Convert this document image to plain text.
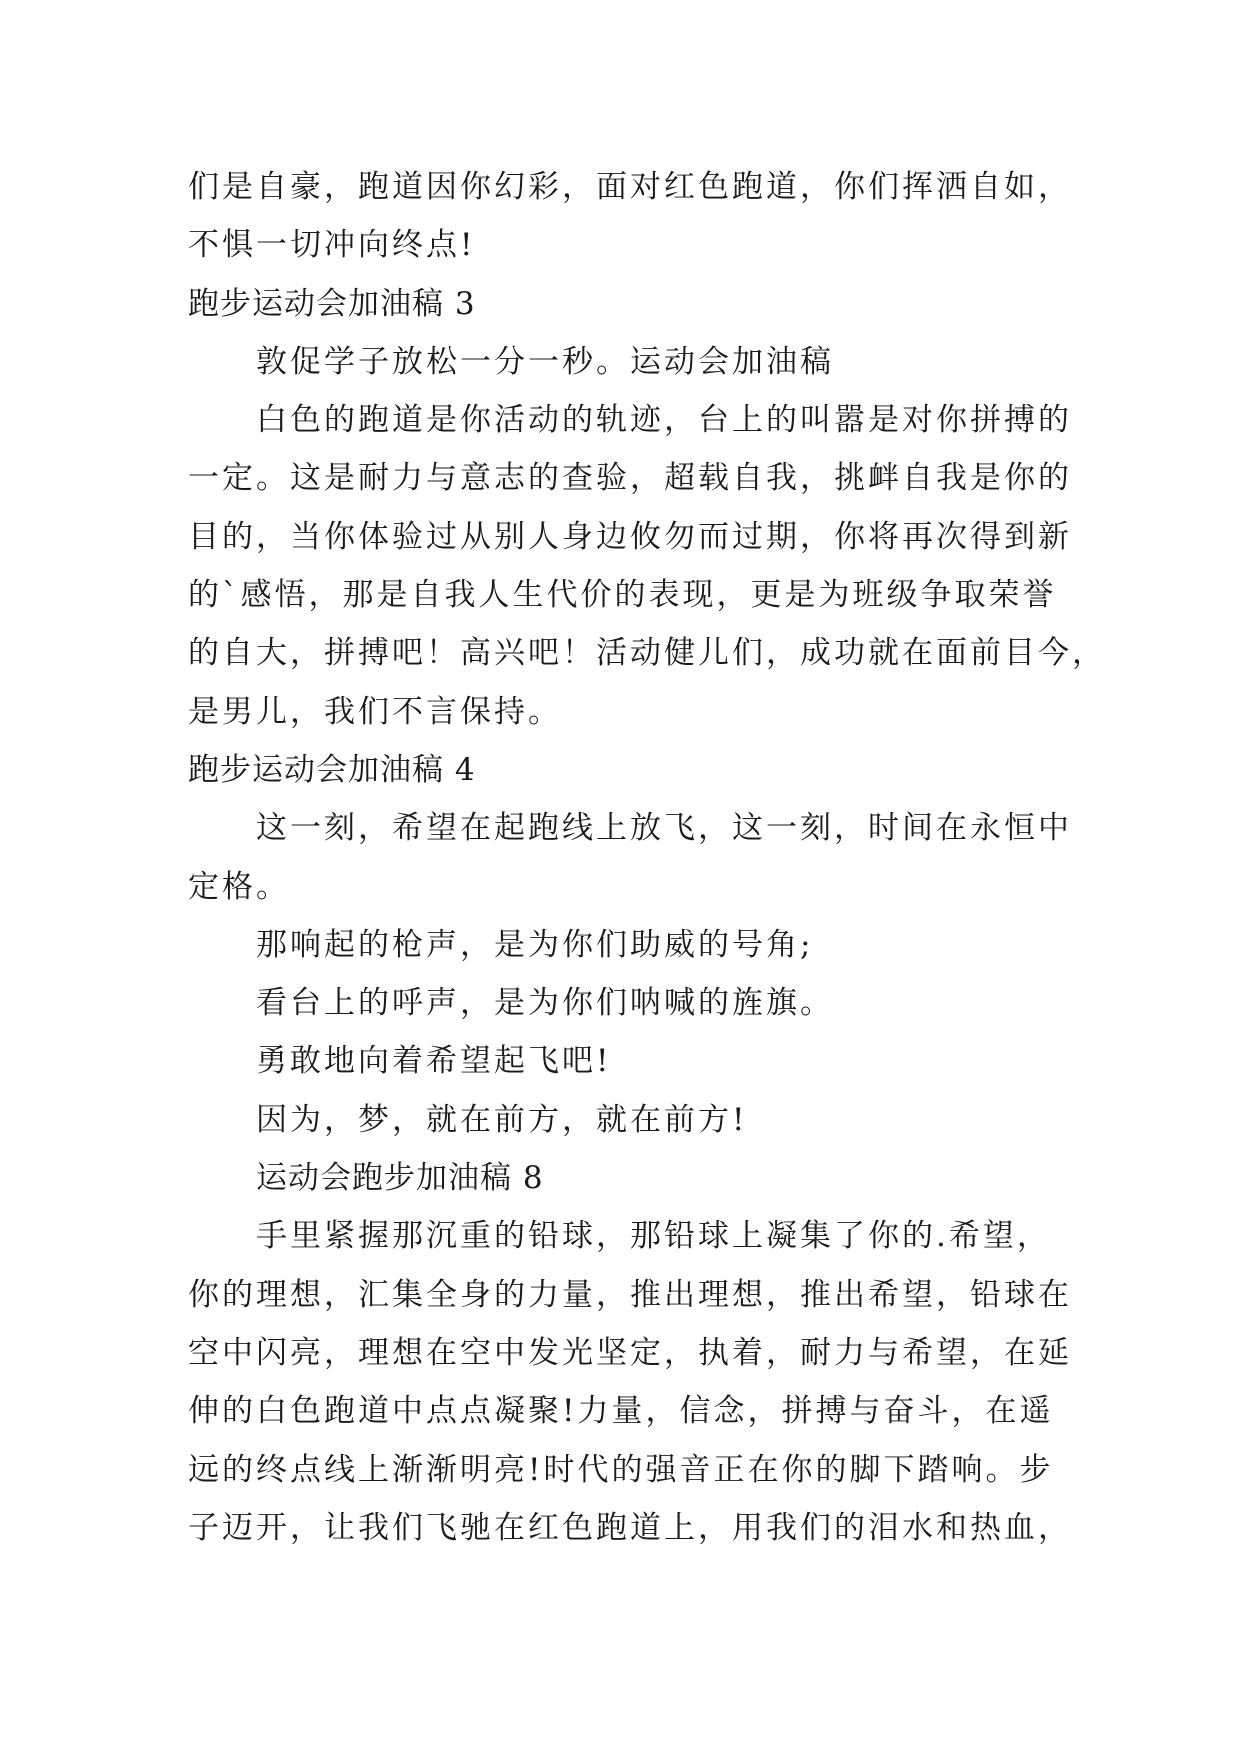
们是自豪，跑道因你幻彩，面对红色跑道，你们挥洒自如，
不惧一切冲向终点!
跑步运动会加油稿 3
敦促学子放松一分一秒。运动会加油稿
白色的跑道是你活动的轨迹，台上的叫嚣是对你拼搏的
一定。这是耐力与意志的查验，超载自我，挑衅自我是你的
目的，当你体验过从别人身边攸勿而过期，你将再次得到新
的`感悟，那是自我人生代价的表现，更是为班级争取荣誉
的自大，拼搏吧！高兴吧！活动健儿们，成功就在面前目今，
是男儿，我们不言保持。
跑步运动会加油稿 4
这一刻，希望在起跑线上放飞，这一刻，时间在永恒中
定格。
那响起的枪声，是为你们助威的号角;
看台上的呼声，是为你们呐喊的旌旗。
勇敢地向着希望起飞吧!
因为，梦，就在前方，就在前方!
运动会跑步加油稿 8
手里紧握那沉重的铅球，那铅球上凝集了你的.希望，
你的理想，汇集全身的力量，推出理想，推出希望，铅球在
空中闪亮，理想在空中发光坚定，执着，耐力与希望，在延
伸的白色跑道中点点凝聚!力量，信念，拼搏与奋斗，在遥
远的终点线上渐渐明亮!时代的强音正在你的脚下踏响。步
子迈开，让我们飞驰在红色跑道上，用我们的泪水和热血，
